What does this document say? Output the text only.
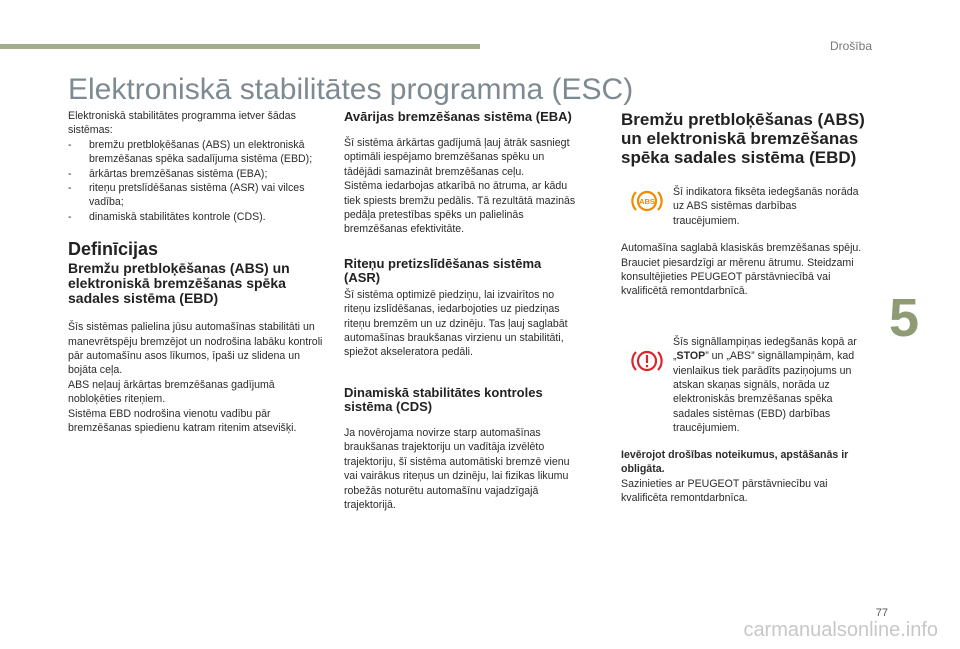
Drošība
5
77
Elektroniskā stabilitātes programma (ESC)

Elektroniskā stabilitātes programma ietver šādas sistēmas:

- bremžu pretbloķēšanas (ABS) un elektroniskā bremzēšanas spēka sadalījuma sistēma (EBD);
- ārkārtas bremzēšanas sistēma (EBA);
- riteņu pretslīdēšanas sistēma (ASR) vai vilces vadība;
- dinamiskā stabilitātes kontrole (CDS).
Definīcijas
Bremžu pretbloķēšanas (ABS) un elektroniskā bremzēšanas spēka sadales sistēma (EBD)

Šīs sistēmas palielina jūsu automašīnas stabilitāti un manevrētspēju bremzējot un nodrošina labāku kontroli pār automašīnu asos līkumos, īpaši uz slidena un bojāta ceļa.

ABS neļauj ārkārtas bremzēšanas gadījumā nobloķēties riteņiem.

Sistēma EBD nodrošina vienotu vadību pār bremzēšanas spiedienu katram ritenim atsevišķi.

Avārijas bremzēšanas sistēma (EBA)

Šī sistēma ārkārtas gadījumā ļauj ātrāk sasniegt optimāli iespējamo bremzēšanas spēku un tādējādi samazināt bremzēšanas ceļu.

Sistēma iedarbojas atkarībā no ātruma, ar kādu tiek spiests bremžu pedālis. Tā rezultātā mazinās pedāļa pretestības spēks un palielinās bremzēšanas efektivitāte.

Riteņu pretizslīdēšanas sistēma (ASR)

Šī sistēma optimizē piedziņu, lai izvairītos no riteņu izslīdēšanas, iedarbojoties uz piedziņas riteņu bremzēm un uz dzinēju. Tas ļauj saglabāt automašīnas braukšanas virzienu un stabilitāti, spiežot akseleratora pedāli.

Dinamiskā stabilitātes kontroles sistēma (CDS)

Ja novērojama novirze starp automašīnas braukšanas trajektoriju un vadītāja izvēlēto trajektoriju, šī sistēma automātiski bremzē vienu vai vairākus riteņus un dzinēju, lai fizikas likumu robežās noturētu automašīnu vajadzīgajā trajektorijā.

Bremžu pretbloķēšanas (ABS) un elektroniskā bremzēšanas spēka sadales sistēma (EBD)
ABS

Šī indikatora fiksēta iedegšanās norāda uz ABS sistēmas darbības traucējumiem.

Automašīna saglabā klasiskās bremzēšanas spēju. Brauciet piesardzīgi ar mērenu ātrumu. Steidzami konsultējieties PEUGEOT pārstāvniecībā vai kvalificētā remontdarbnīcā.

Šīs signāllampiņas iedegšanās kopā ar „STOP” un „ABS” signāllampiņām, kad vienlaikus tiek parādīts paziņojums un atskan skaņas signāls, norāda uz elektroniskās bremzēšanas spēka sadales sistēmas (EBD) darbības traucējumiem.

Ievērojot drošības noteikumus, apstāšanās ir obligāta.

Sazinieties ar PEUGEOT pārstāvniecību vai kvalificēta remontdarbnīca.

carmanualsonline.info
